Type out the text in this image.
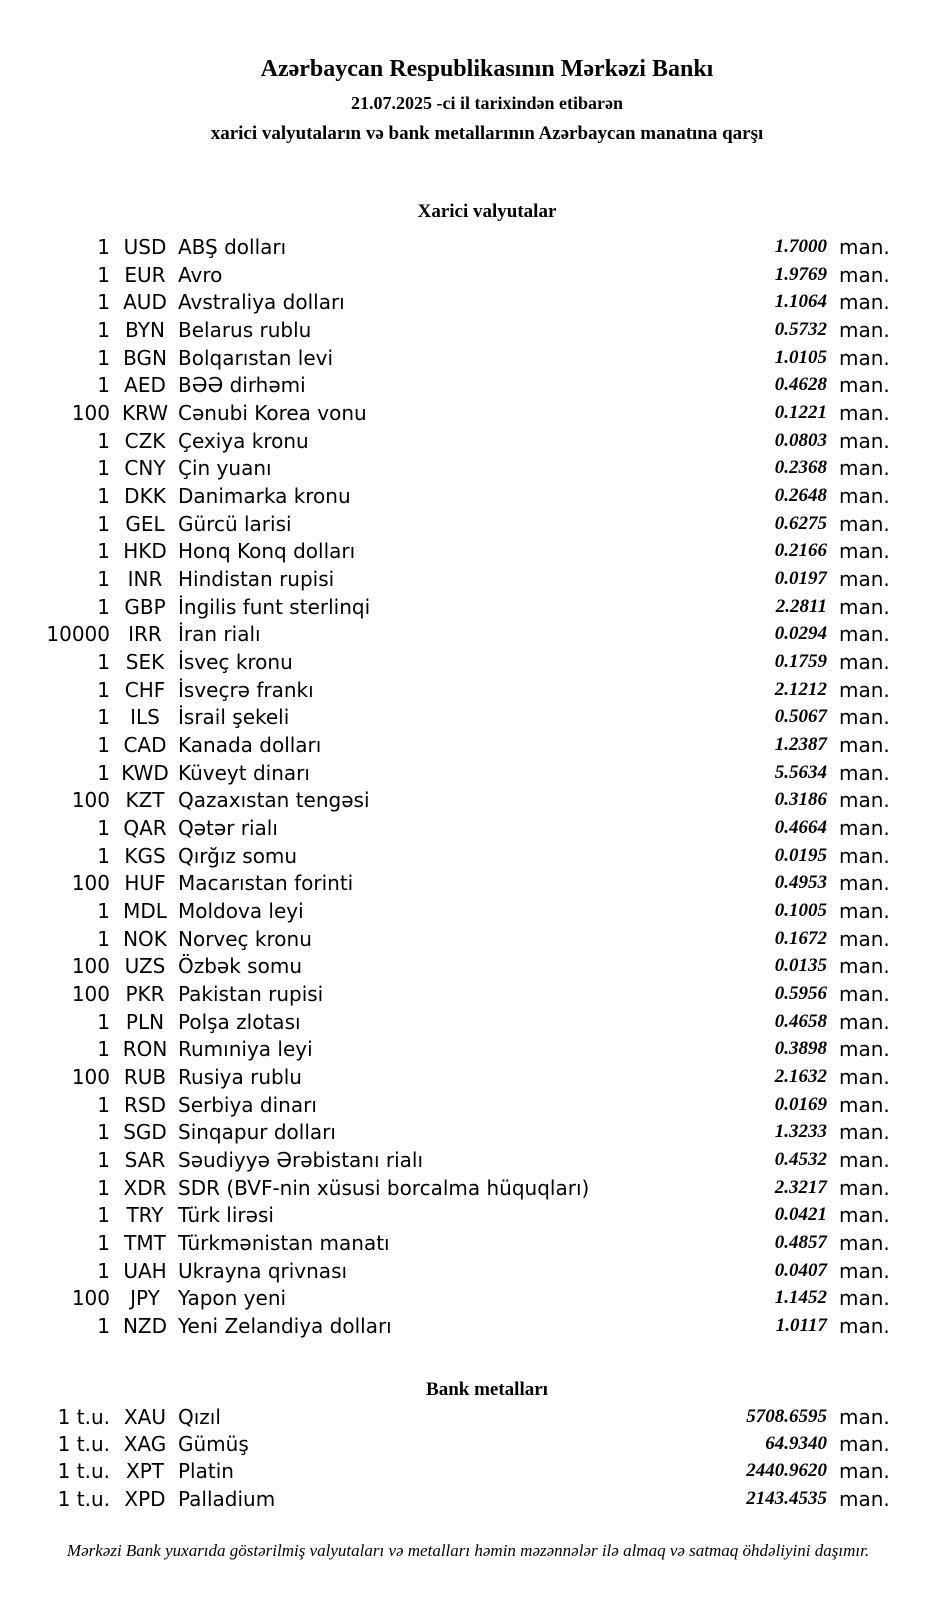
Azərbaycan Respublikasının Mərkəzi Bankı
21.07.2025 -ci il tarixindən etibarən
xarici valyutaların və bank metallarının Azərbaycan manatına qarşı
Xarici valyutalar
1 USD ABŞ dolları	1.7000 man.
1 EUR Avro	1.9769 man.
1 AUD Avstraliya dolları	1.1064 man.
1 BYN Belarus rublu	0.5732 man.
1 BGN Bolqarıstan levi	1.0105 man.
1 AED BƏƏ dirhəmi	0.4628 man.
100 KRW Cənubi Korea vonu	0.1221 man.
1 CZK Çexiya kronu	0.0803 man.
1 CNY Çin yuanı	0.2368 man.
1 DKK Danimarka kronu	0.2648 man.
1 GEL Gürcü larisi	0.6275 man.
1 HKD Honq Konq dolları	0.2166 man.
1 INR Hindistan rupisi	0.0197 man.
1 GBP İngilis funt sterlinqi	2.2811 man.
10000 IRR İran rialı	0.0294 man.
1 SEK İsveç kronu	0.1759 man.
1 CHF İsveçrə frankı	2.1212 man.
1	ILS İsrail şekeli	0.5067 man.
1 CAD Kanada dolları	1.2387 man.
1 KWD Küveyt dinarı	5.5634 man.
100 KZT Qazaxıstan tengəsi	0.3186 man.
1 QAR Qətər rialı	0.4664 man.
1 KGS Qırğız somu	0.0195 man.
100 HUF Macarıstan forinti	0.4953 man.
1 MDL Moldova leyi	0.1005 man.
1 NOK Norveç kronu	0.1672 man.
100 UZS Özbək somu	0.0135 man.
100 PKR Pakistan rupisi	0.5956 man.
1 PLN Polşa zlotası	0.4658 man.
1 RON Rumıniya leyi	0.3898 man.
100 RUB Rusiya rublu	2.1632 man.
1 RSD Serbiya dinarı	0.0169 man.
1 SGD Sinqapur dolları	1.3233 man.
1 SAR Səudiyyə Ərəbistanı rialı	0.4532 man.
1 XDR SDR (BVF-nin xüsusi borcalma hüquqları)	2.3217 man.
1 TRY Türk lirəsi	0.0421 man.
1 TMT Türkmənistan manatı	0.4857 man.
1 UAH Ukrayna qrivnası	0.0407 man.
100	JPY Yapon yeni	1.1452 man.
1 NZD Yeni Zelandiya dolları	1.0117 man.
Bank metalları
1 t.u. XAU Qızıl	5708.6595 man.
1 t.u. XAG Gümüş	64.9340 man.
1 t.u. XPT Platin	2440.9620 man.
1 t.u. XPD Palladium	2143.4535 man.
Mərkəzi Bank yuxarıda göstərilmiş valyutaları və metalları həmin məzənnələr ilə almaq və satmaq öhdəliyini daşımır.
